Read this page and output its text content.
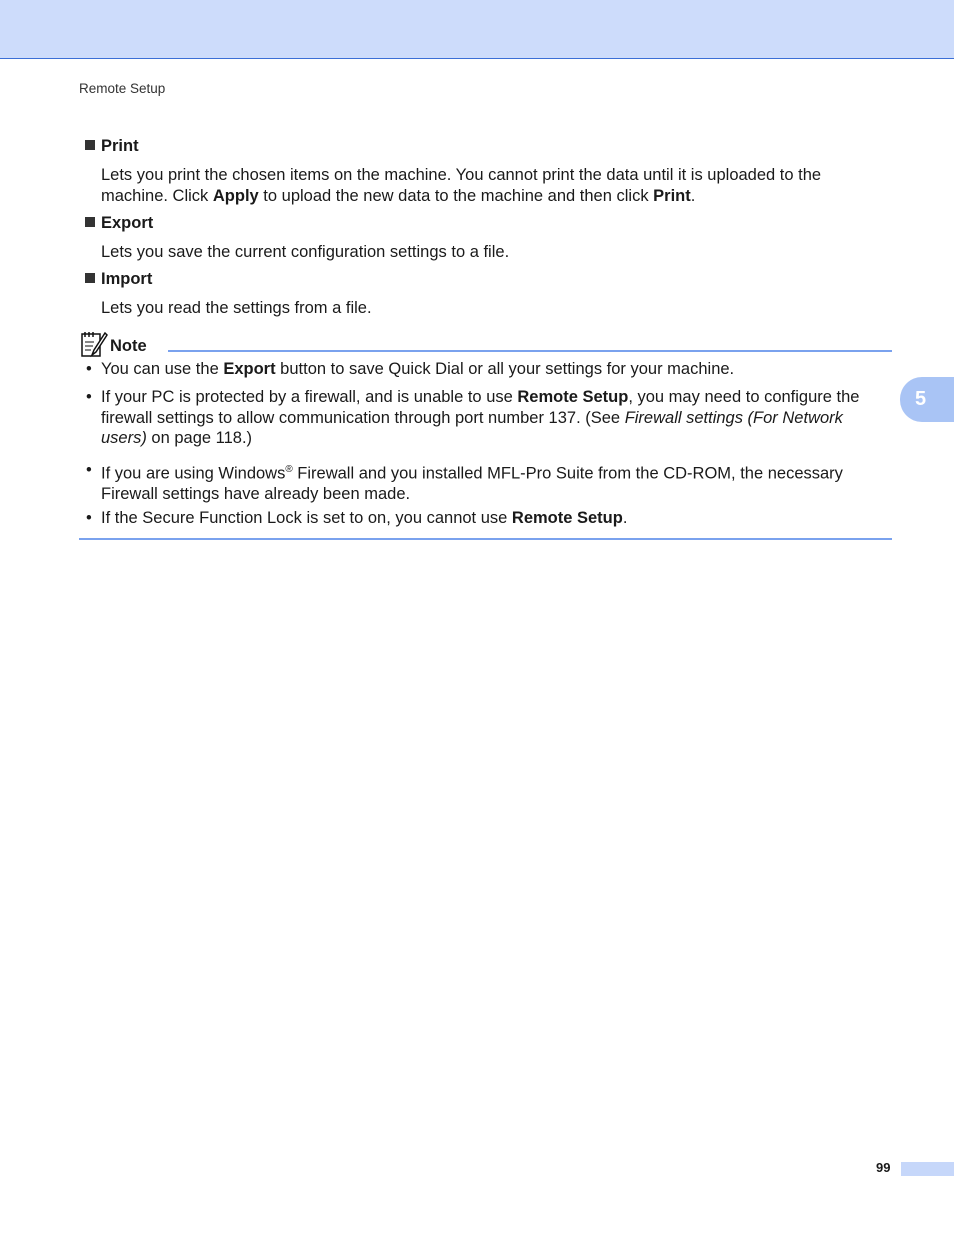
Remote Setup
Print
Lets you print the chosen items on the machine. You cannot print the data until it is uploaded to the machine. Click Apply to upload the new data to the machine and then click Print.
Export
Lets you save the current configuration settings to a file.
Import
Lets you read the settings from a file.
Note
• You can use the Export button to save Quick Dial or all your settings for your machine.
• If your PC is protected by a firewall, and is unable to use Remote Setup, you may need to configure the firewall settings to allow communication through port number 137. (See Firewall settings (For Network users) on page 118.)
• If you are using Windows® Firewall and you installed MFL-Pro Suite from the CD-ROM, the necessary Firewall settings have already been made.
• If the Secure Function Lock is set to on, you cannot use Remote Setup.
5
99
